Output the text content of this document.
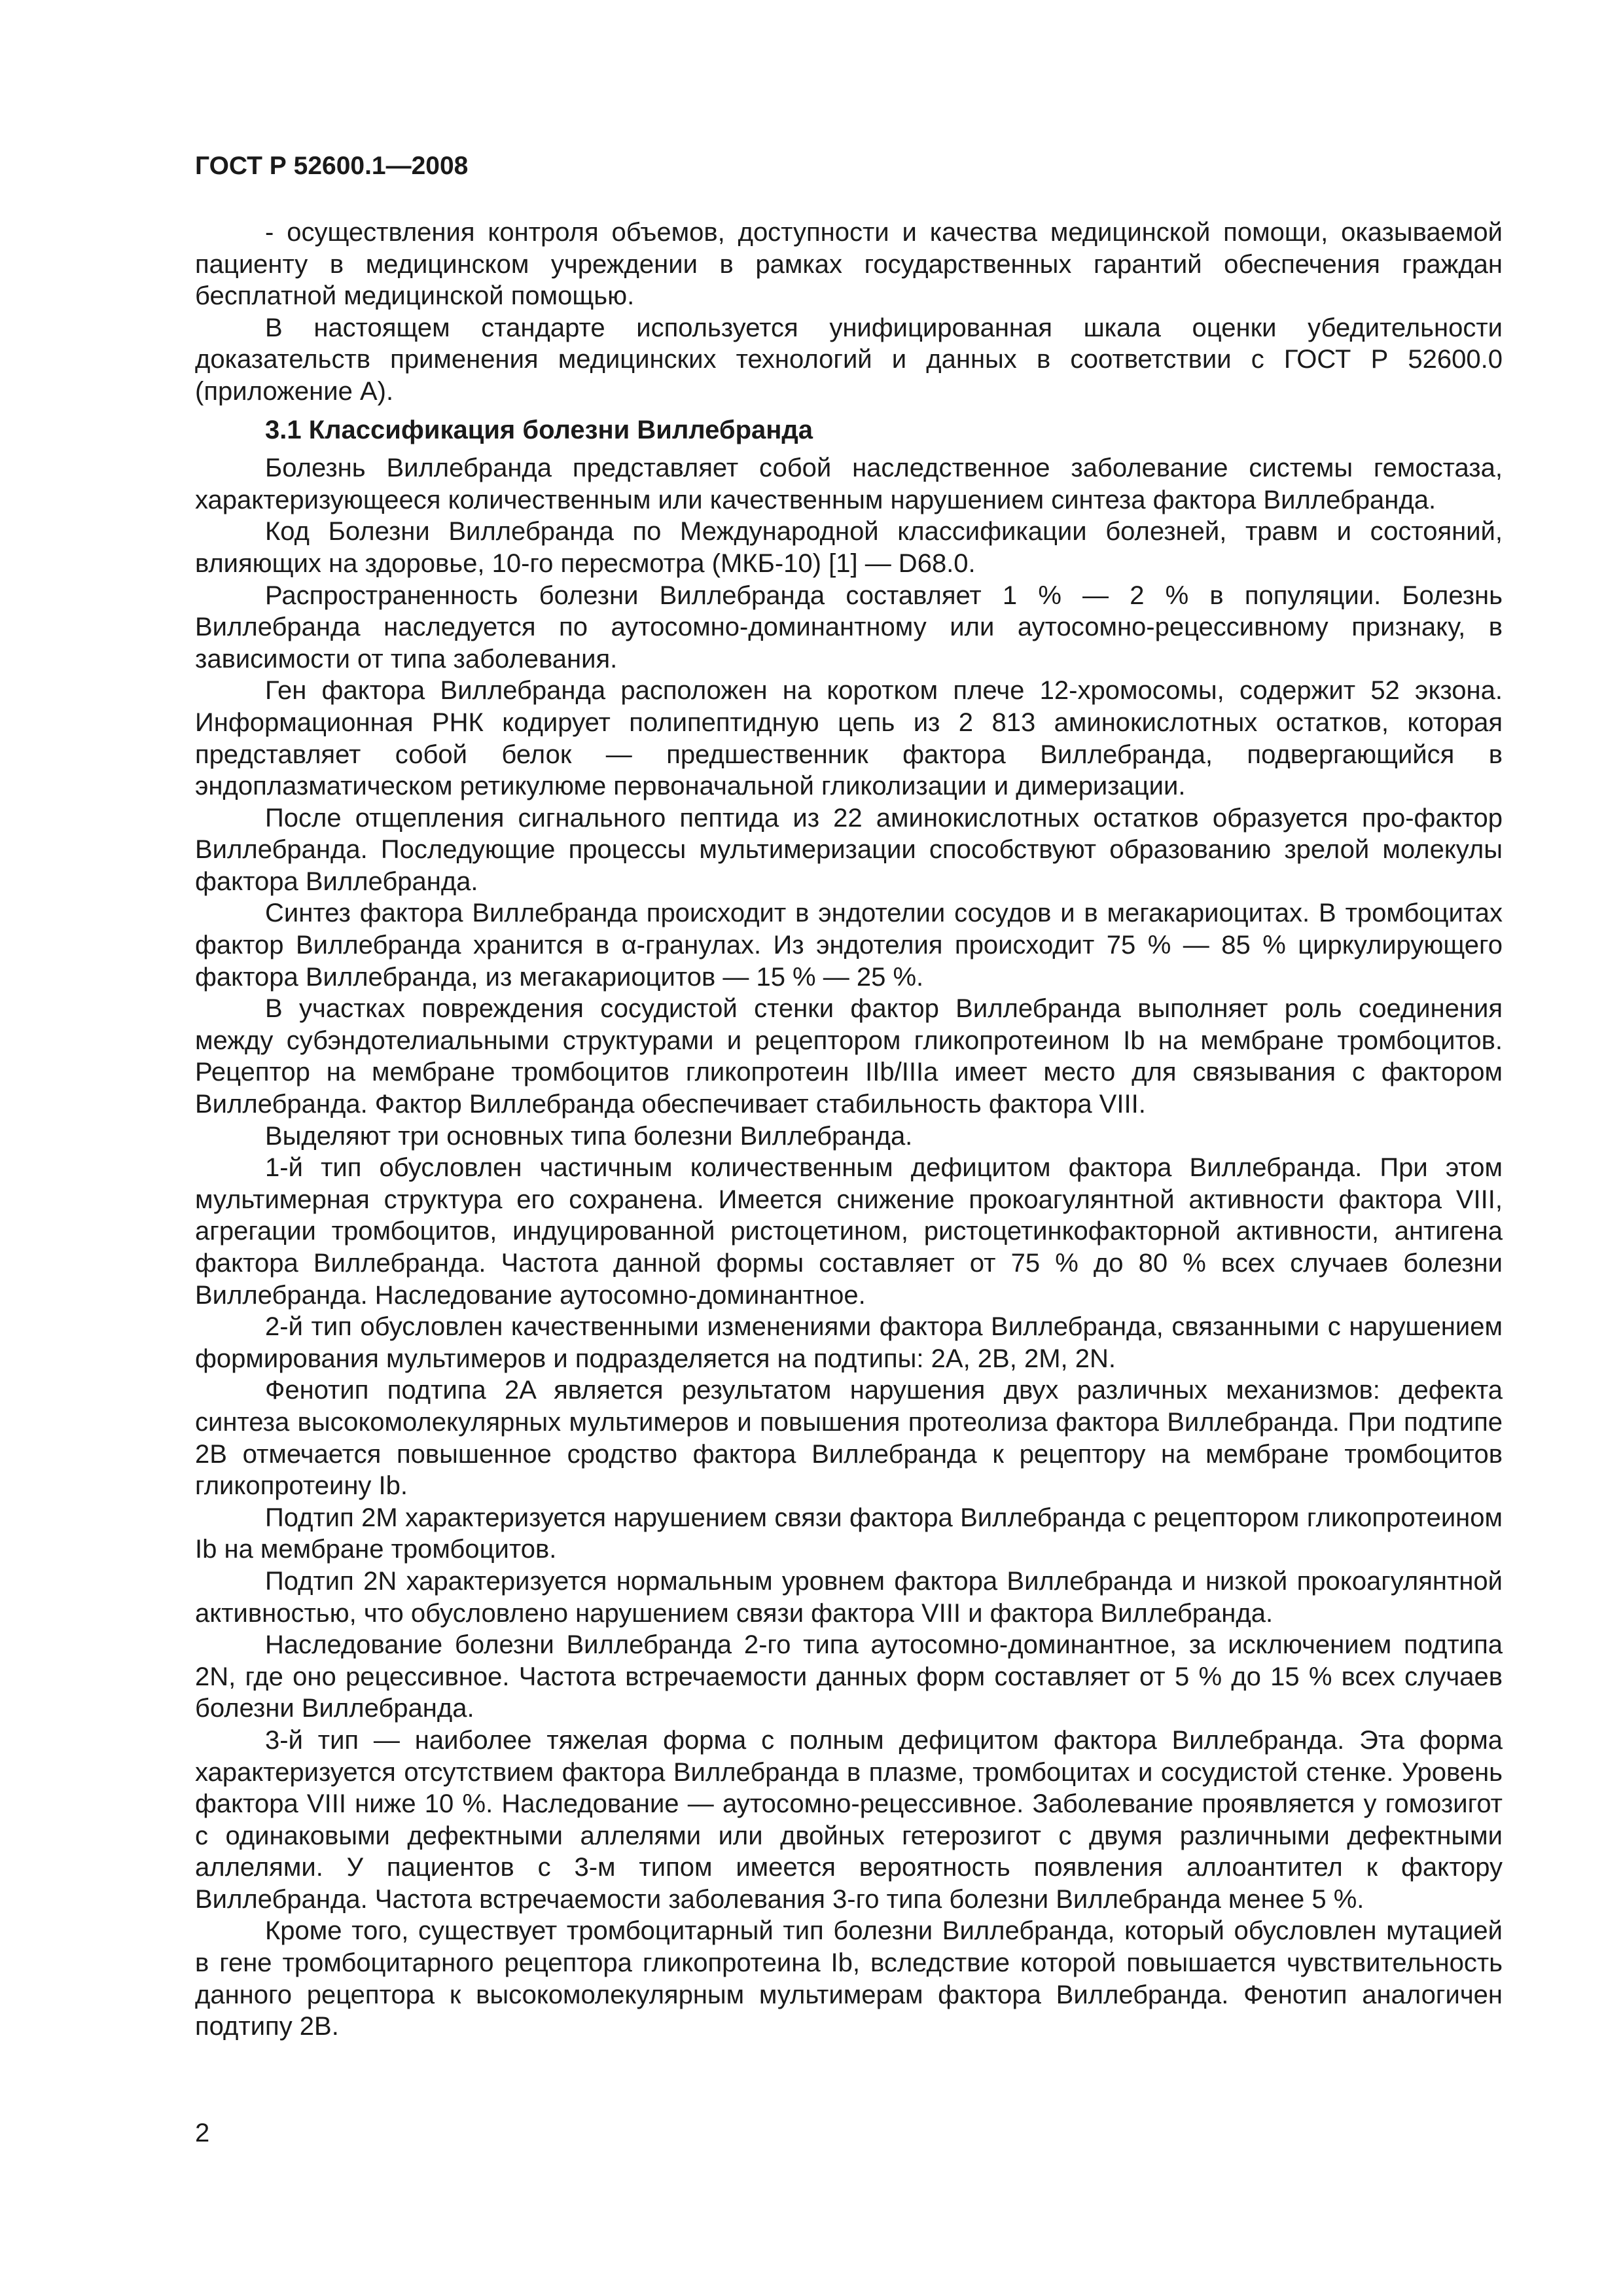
ГОСТ Р 52600.1—2008

- осуществления контроля объемов, доступности и качества медицинской помощи, оказываемой пациенту в медицинском учреждении в рамках государственных гарантий обеспечения граждан бесплатной медицинской помощью.

В настоящем стандарте используется унифицированная шкала оценки убедительности доказательств применения медицинских технологий и данных в соответствии с ГОСТ Р 52600.0 (приложение А).

3.1 Классификация болезни Виллебранда

Болезнь Виллебранда представляет собой наследственное заболевание системы гемостаза, характеризующееся количественным или качественным нарушением синтеза фактора Виллебранда.

Код Болезни Виллебранда по Международной классификации болезней, травм и состояний, влияющих на здоровье, 10-го пересмотра (МКБ-10) [1] — D68.0.

Распространенность болезни Виллебранда составляет 1 % — 2 % в популяции. Болезнь Виллебранда наследуется по аутосомно-доминантному или аутосомно-рецессивному признаку, в зависимости от типа заболевания.

Ген фактора Виллебранда расположен на коротком плече 12-хромосомы, содержит 52 экзона. Информационная РНК кодирует полипептидную цепь из 2 813 аминокислотных остатков, которая представляет собой белок — предшественник фактора Виллебранда, подвергающийся в эндоплазматическом ретикулюме первоначальной гликолизации и димеризации.

После отщепления сигнального пептида из 22 аминокислотных остатков образуется про-фактор Виллебранда. Последующие процессы мультимеризации способствуют образованию зрелой молекулы фактора Виллебранда.

Синтез фактора Виллебранда происходит в эндотелии сосудов и в мегакариоцитах. В тромбоцитах фактор Виллебранда хранится в α-гранулах. Из эндотелия происходит 75 % — 85 % циркулирующего фактора Виллебранда, из мегакариоцитов — 15 % — 25 %.

В участках повреждения сосудистой стенки фактор Виллебранда выполняет роль соединения между субэндотелиальными структурами и рецептором гликопротеином Ib на мембране тромбоцитов. Рецептор на мембране тромбоцитов гликопротеин IIb/IIIa имеет место для связывания с фактором Виллебранда. Фактор Виллебранда обеспечивает стабильность фактора VIII.

Выделяют три основных типа болезни Виллебранда.

1-й тип обусловлен частичным количественным дефицитом фактора Виллебранда. При этом мультимерная структура его сохранена. Имеется снижение прокоагулянтной активности фактора VIII, агрегации тромбоцитов, индуцированной ристоцетином, ристоцетинкофакторной активности, антигена фактора Виллебранда. Частота данной формы составляет от 75 % до 80 % всех случаев болезни Виллебранда. Наследование аутосомно-доминантное.

2-й тип обусловлен качественными изменениями фактора Виллебранда, связанными с нарушением формирования мультимеров и подразделяется на подтипы: 2A, 2B, 2M, 2N.

Фенотип подтипа 2A является результатом нарушения двух различных механизмов: дефекта синтеза высокомолекулярных мультимеров и повышения протеолиза фактора Виллебранда. При подтипе 2B отмечается повышенное сродство фактора Виллебранда к рецептору на мембране тромбоцитов гликопротеину Ib.

Подтип 2M характеризуется нарушением связи фактора Виллебранда с рецептором гликопротеином Ib на мембране тромбоцитов.

Подтип 2N характеризуется нормальным уровнем фактора Виллебранда и низкой прокоагулянтной активностью, что обусловлено нарушением связи фактора VIII и фактора Виллебранда.

Наследование болезни Виллебранда 2-го типа аутосомно-доминантное, за исключением подтипа 2N, где оно рецессивное. Частота встречаемости данных форм составляет от 5 % до 15 % всех случаев болезни Виллебранда.

3-й тип — наиболее тяжелая форма с полным дефицитом фактора Виллебранда. Эта форма характеризуется отсутствием фактора Виллебранда в плазме, тромбоцитах и сосудистой стенке. Уровень фактора VIII ниже 10 %. Наследование — аутосомно-рецессивное. Заболевание проявляется у гомозигот с одинаковыми дефектными аллелями или двойных гетерозигот с двумя различными дефектными аллелями. У пациентов с 3-м типом имеется вероятность появления аллоантител к фактору Виллебранда. Частота встречаемости заболевания 3-го типа болезни Виллебранда менее 5 %.

Кроме того, существует тромбоцитарный тип болезни Виллебранда, который обусловлен мутацией в гене тромбоцитарного рецептора гликопротеина Ib, вследствие которой повышается чувствительность данного рецептора к высокомолекулярным мультимерам фактора Виллебранда. Фенотип аналогичен подтипу 2B.

2
